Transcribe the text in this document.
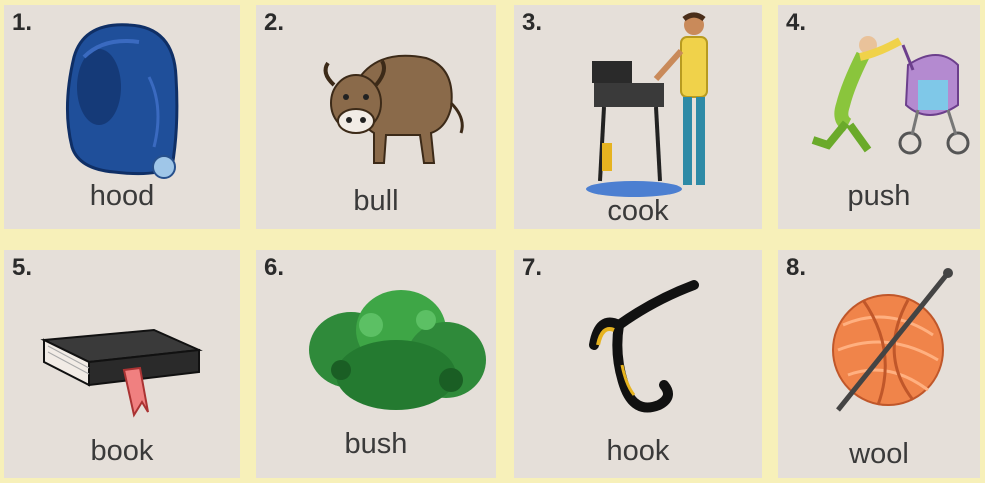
1.
hood
2.
bull
3.
cook
4.
push
5.
book
6.
bush
7.
hook
8.
wool
